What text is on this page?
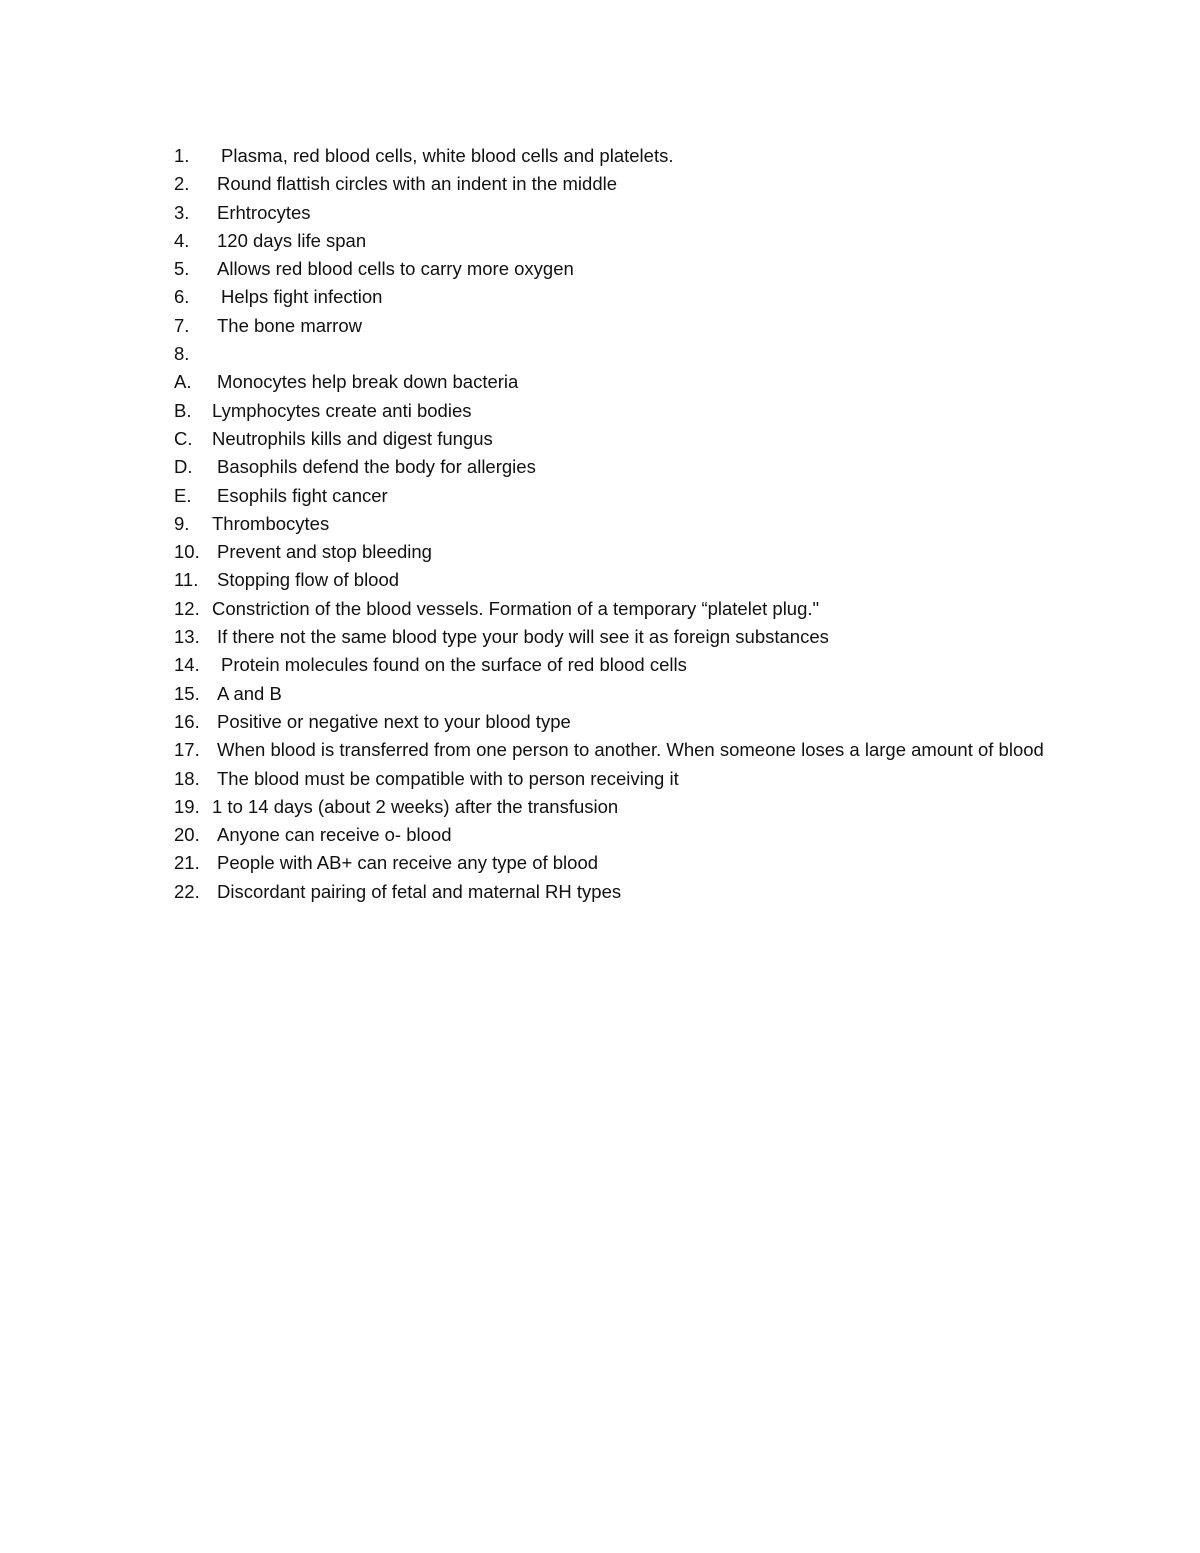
1.	Plasma, red blood cells, white blood cells and platelets.
2.	Round flattish circles with an indent in the middle
3.	Erhtrocytes
4.	120 days life span
5.	Allows red blood cells to carry more oxygen
6.	Helps fight infection
7.	The bone marrow
8.
A.	Monocytes help break down bacteria
B.	Lymphocytes create anti bodies
C.	Neutrophils kills and digest fungus
D.	Basophils defend the body for allergies
E.	Esophils fight cancer
9.	Thrombocytes
10. Prevent and stop bleeding
11.	Stopping flow of blood
12. Constriction of the blood vessels. Formation of a temporary “platelet plug."
13. If there not the same blood type your body will see it as foreign substances
14.	Protein molecules found on the surface of red blood cells
15. A and B
16. Positive or negative next to your blood type
17. When blood is transferred from one person to another. When someone loses a large amount of blood
18. The blood must be compatible with to person receiving it
19. 1 to 14 days (about 2 weeks) after the transfusion
20. Anyone can receive o- blood
21. People with AB+ can receive any type of blood
22. Discordant pairing of fetal and maternal RH types
